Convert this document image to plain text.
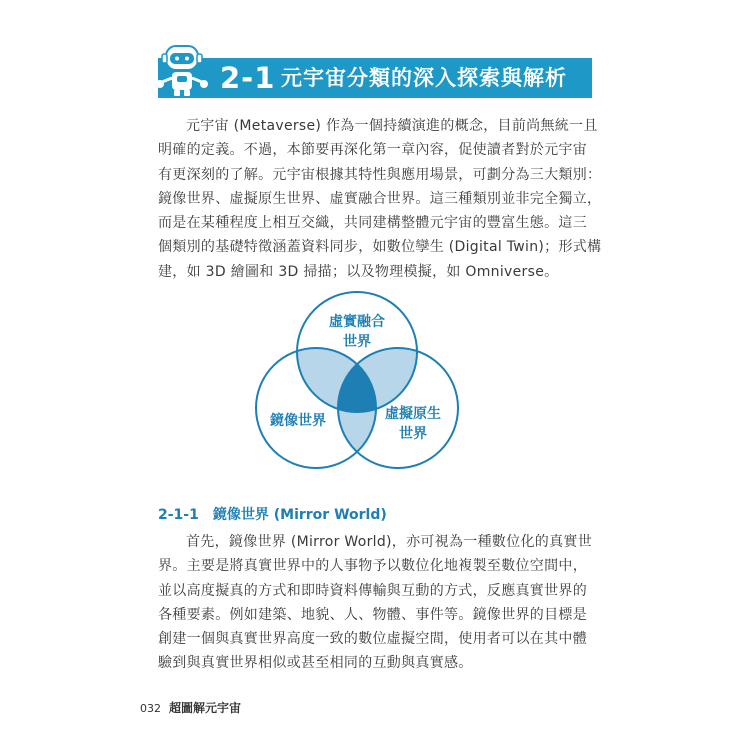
2-1 元宇宙分類的深入探索與解析
元宇宙 (Metaverse) 作為一個持續演進的概念，目前尚無統一且
明確的定義。不過，本節要再深化第一章內容，促使讀者對於元宇宙
有更深刻的了解。元宇宙根據其特性與應用場景，可劃分為三大類別：
鏡像世界、虛擬原生世界、虛實融合世界。這三種類別並非完全獨立，
而是在某種程度上相互交織，共同建構整體元宇宙的豐富生態。這三
個類別的基礎特徵涵蓋資料同步，如數位孿生 (Digital Twin)；形式構
建，如 3D 繪圖和 3D 掃描；以及物理模擬，如 Omniverse。
虛實融合
世界
鏡像世界	虛擬原生
世界
2-1-1 鏡像世界 (Mirror World)
首先，鏡像世界 (Mirror World)，亦可視為一種數位化的真實世
界。主要是將真實世界中的人事物予以數位化地複製至數位空間中，
並以高度擬真的方式和即時資料傳輸與互動的方式，反應真實世界的
各種要素。例如建築、地貌、人、物體、事件等。鏡像世界的目標是
創建一個與真實世界高度一致的數位虛擬空間，使用者可以在其中體
驗到與真實世界相似或甚至相同的互動與真實感。
032 超圖解元宇宙
